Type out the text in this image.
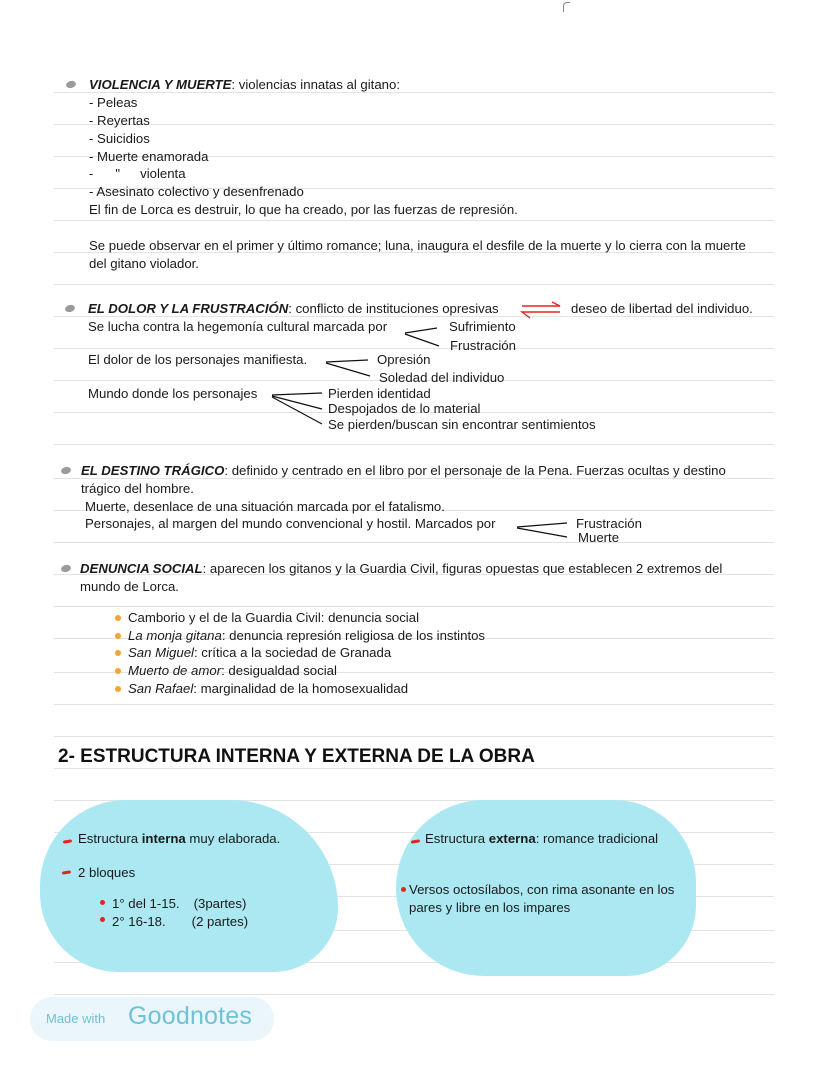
VIOLENCIA Y MUERTE: violencias innatas al gitano:
- Peleas
- Reyertas
- Suicidios
- Muerte enamorada
- " violenta
- Asesinato colectivo y desenfrenado
El fin de Lorca es destruir, lo que ha creado, por las fuerzas de represión.
Se puede observar en el primer y último romance; luna, inaugura el desfile de la muerte y lo cierra con la muerte
del gitano violador.
EL DOLOR Y LA FRUSTRACIÓN: conflicto de instituciones opresivas	deseo de libertad del individuo.
Se lucha contra la hegemonía cultural marcada por	Sufrimiento
Frustración
El dolor de los personajes manifiesta.	Opresión
Soledad del individuo
Mundo donde los personajes	Pierden identidad
Despojados de lo material
Se pierden/buscan sin encontrar sentimientos
EL DESTINO TRÁGICO: definido y centrado en el libro por el personaje de la Pena. Fuerzas ocultas y destino
trágico del hombre.
Muerte, desenlace de una situación marcada por el fatalismo.
Personajes, al margen del mundo convencional y hostil. Marcados por	Frustración
Muerte
DENUNCIA SOCIAL: aparecen los gitanos y la Guardia Civil, figuras opuestas que establecen 2 extremos del
mundo de Lorca.
Camborio y el de la Guardia Civil: denuncia social
La monja gitana: denuncia represión religiosa de los instintos
San Miguel: crítica a la sociedad de Granada
Muerto de amor: desigualdad social
San Rafael: marginalidad de la homosexualidad
2- ESTRUCTURA INTERNA Y EXTERNA DE LA OBRA
Estructura interna muy elaborada.
2 bloques
1° del 1-15. (3partes)
2° 16-18. (2 partes)
Estructura externa: romance tradicional
Versos octosílabos, con rima asonante en los
pares y libre en los impares
Made with Goodnotes
